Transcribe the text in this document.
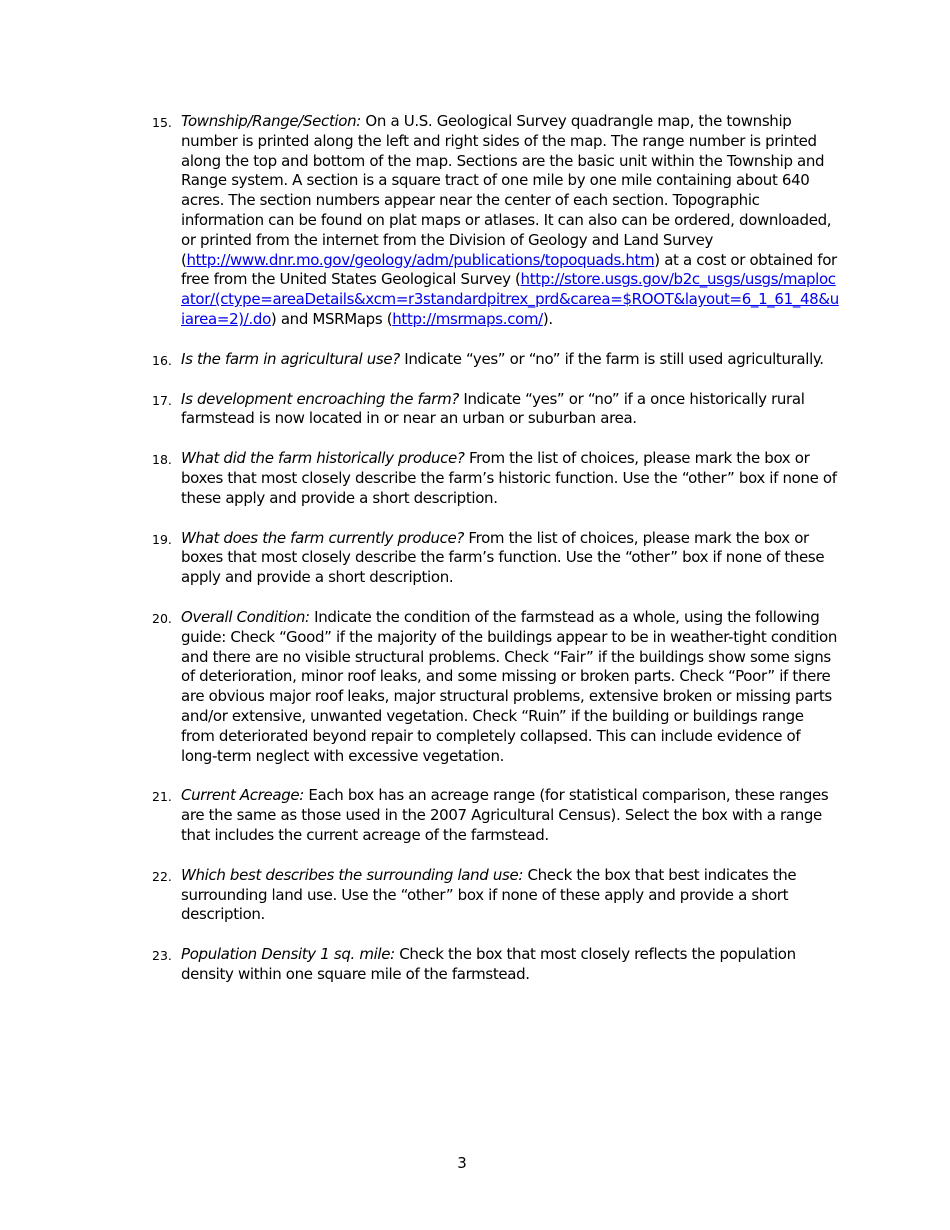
15. Township/Range/Section: On a U.S. Geological Survey quadrangle map, the township number is printed along the left and right sides of the map. The range number is printed along the top and bottom of the map. Sections are the basic unit within the Township and Range system. A section is a square tract of one mile by one mile containing about 640 acres. The section numbers appear near the center of each section. Topographic information can be found on plat maps or atlases. It can also can be ordered, downloaded, or printed from the internet from the Division of Geology and Land Survey (http://www.dnr.mo.gov/geology/adm/publications/topoquads.htm) at a cost or obtained for free from the United States Geological Survey (http://store.usgs.gov/b2c_usgs/usgs/maplocator/(ctype=areaDetails&xcm=r3standardpitrex_prd&carea=$ROOT&layout=6_1_61_48&uiarea=2)/.do) and MSRMaps (http://msrmaps.com/).
16. Is the farm in agricultural use? Indicate “yes” or “no” if the farm is still used agriculturally.
17. Is development encroaching the farm? Indicate “yes” or “no” if a once historically rural farmstead is now located in or near an urban or suburban area.
18. What did the farm historically produce? From the list of choices, please mark the box or boxes that most closely describe the farm’s historic function. Use the “other” box if none of these apply and provide a short description.
19. What does the farm currently produce? From the list of choices, please mark the box or boxes that most closely describe the farm’s function. Use the “other” box if none of these apply and provide a short description.
20. Overall Condition: Indicate the condition of the farmstead as a whole, using the following guide: Check “Good” if the majority of the buildings appear to be in weather-tight condition and there are no visible structural problems. Check “Fair” if the buildings show some signs of deterioration, minor roof leaks, and some missing or broken parts. Check “Poor” if there are obvious major roof leaks, major structural problems, extensive broken or missing parts and/or extensive, unwanted vegetation. Check “Ruin” if the building or buildings range from deteriorated beyond repair to completely collapsed. This can include evidence of long-term neglect with excessive vegetation.
21. Current Acreage: Each box has an acreage range (for statistical comparison, these ranges are the same as those used in the 2007 Agricultural Census). Select the box with a range that includes the current acreage of the farmstead.
22. Which best describes the surrounding land use: Check the box that best indicates the surrounding land use. Use the “other” box if none of these apply and provide a short description.
23. Population Density 1 sq. mile: Check the box that most closely reflects the population density within one square mile of the farmstead.
3
